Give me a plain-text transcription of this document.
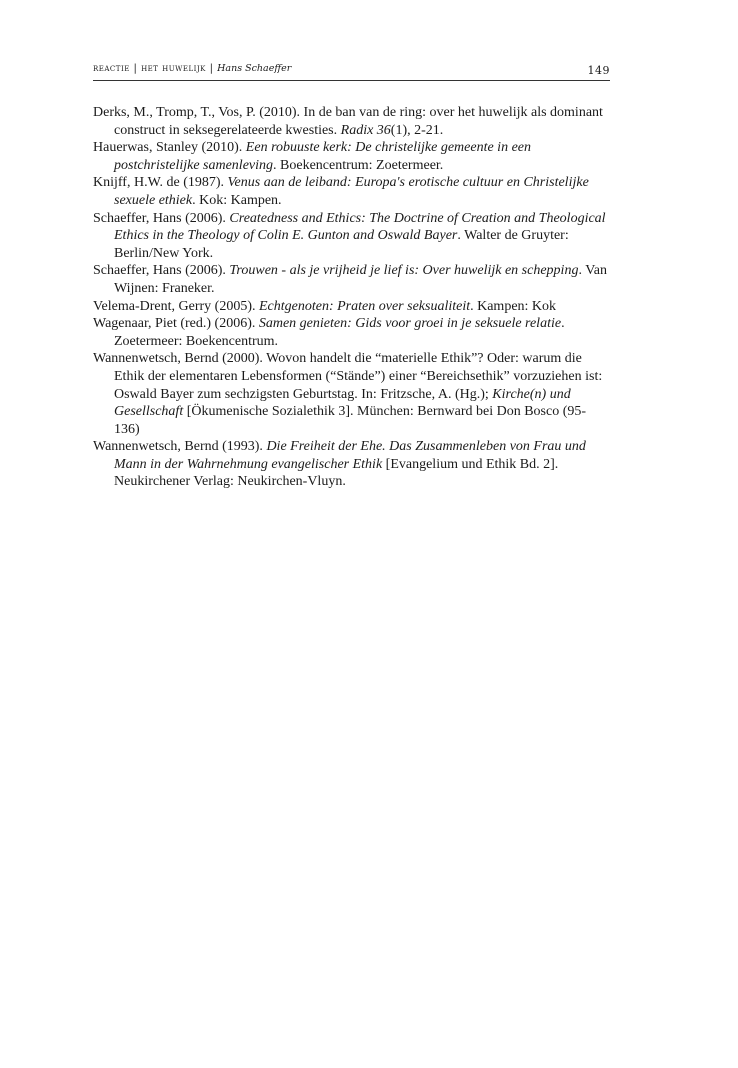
reactie | het huwelijk | Hans Schaeffer	149
Derks, M., Tromp, T., Vos, P. (2010). In de ban van de ring: over het huwelijk als dominant construct in seksegerelateerde kwesties. Radix 36(1), 2-21.
Hauerwas, Stanley (2010). Een robuuste kerk: De christelijke gemeente in een postchristelijke samenleving. Boekencentrum: Zoetermeer.
Knijff, H.W. de (1987). Venus aan de leiband: Europa's erotische cultuur en Christelijke sexuele ethiek. Kok: Kampen.
Schaeffer, Hans (2006). Createdness and Ethics: The Doctrine of Creation and Theological Ethics in the Theology of Colin E. Gunton and Oswald Bayer. Walter de Gruyter: Berlin/New York.
Schaeffer, Hans (2006). Trouwen - als je vrijheid je lief is: Over huwelijk en schepping. Van Wijnen: Franeker.
Velema-Drent, Gerry (2005). Echtgenoten: Praten over seksualiteit. Kampen: Kok
Wagenaar, Piet (red.) (2006). Samen genieten: Gids voor groei in je seksuele relatie. Zoetermeer: Boekencentrum.
Wannenwetsch, Bernd (2000). Wovon handelt die “materielle Ethik”? Oder: warum die Ethik der elementaren Lebensformen (“Stände”) einer “Bereichsethik” vorzuziehen ist: Oswald Bayer zum sechzigsten Geburtstag. In: Fritzsche, A. (Hg.); Kirche(n) und Gesellschaft [Ökumenische Sozialethik 3]. München: Bernward bei Don Bosco (95-136)
Wannenwetsch, Bernd (1993). Die Freiheit der Ehe. Das Zusammenleben von Frau und Mann in der Wahrnehmung evangelischer Ethik [Evangelium und Ethik Bd. 2]. Neukirchener Verlag: Neukirchen-Vluyn.
